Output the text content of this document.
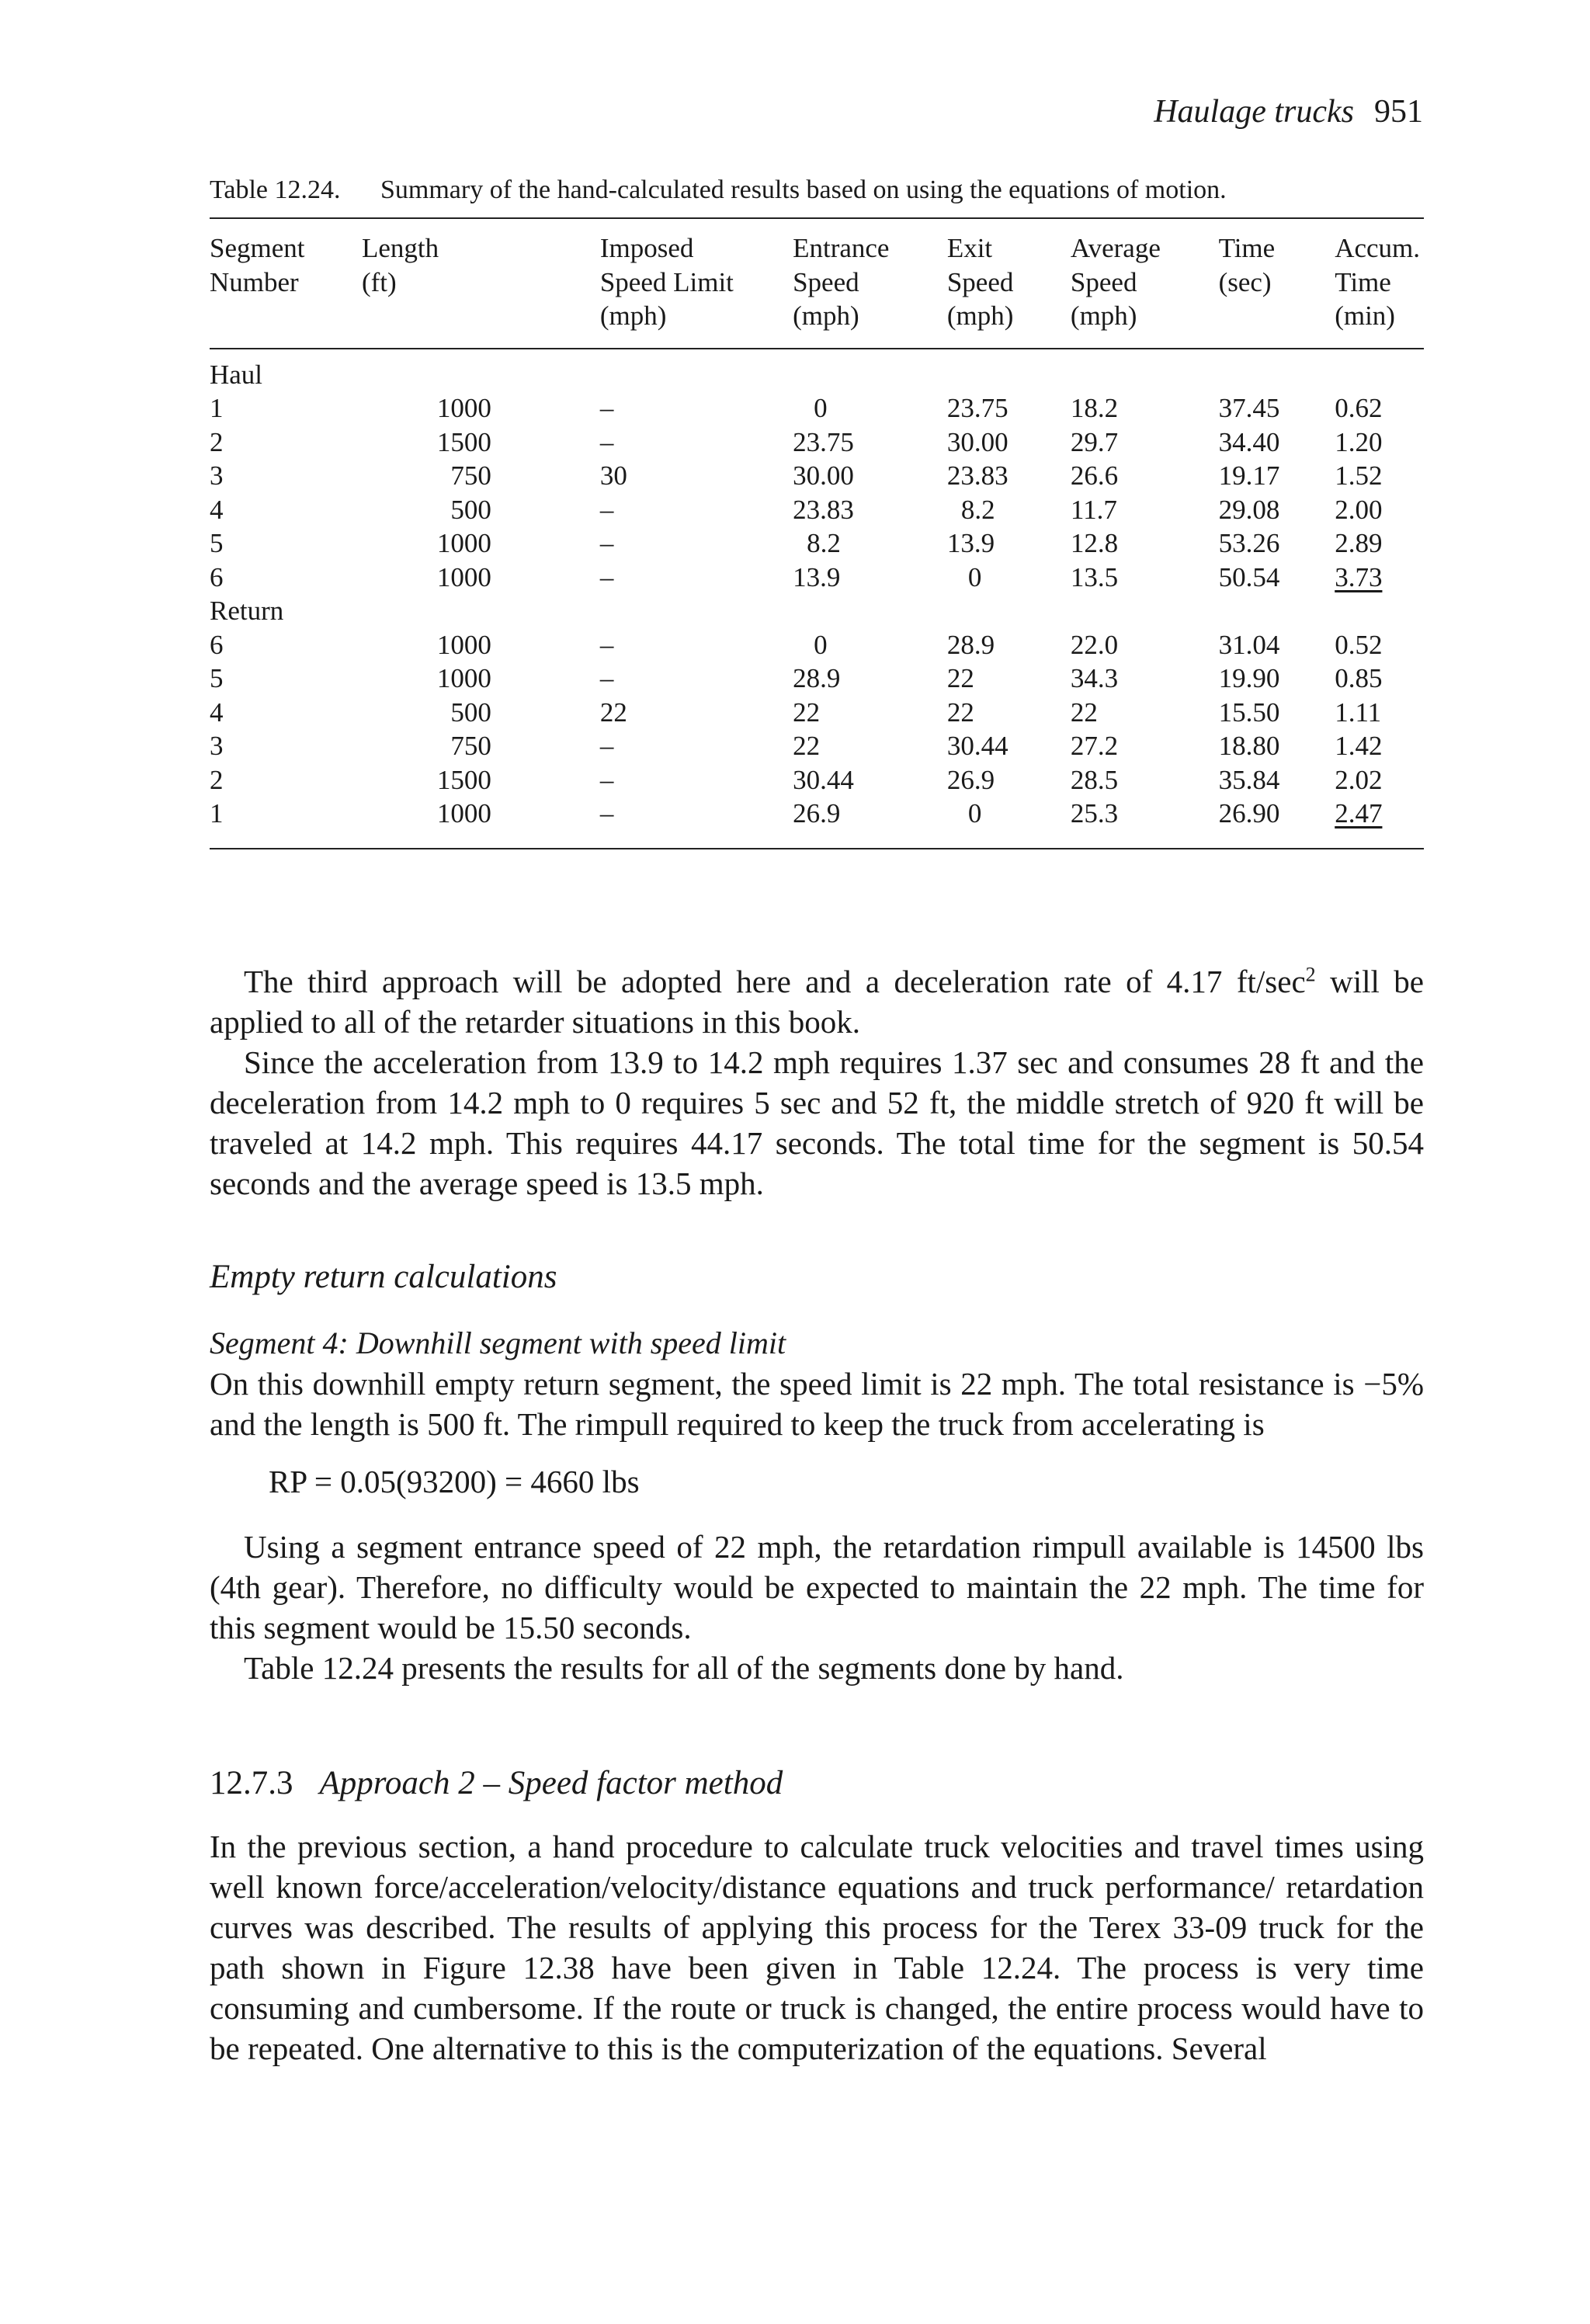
Haulage trucks 951
Table 12.24. Summary of the hand-calculated results based on using the equations of motion.
Segment	Length	Imposed	Entrance	Exit	Average	Time	Accum.
Number	(ft)	Speed Limit	Speed	Speed	Speed	(sec)	Time
		(mph)	(mph)	(mph)	(mph)		(min)

Haul							
1	1000	–	0	23.75	18.2	37.45	0.62
2	1500	–	23.75	30.00	29.7	34.40	1.20
3	750	30	30.00	23.83	26.6	19.17	1.52
4	500	–	23.83	8.2	11.7	29.08	2.00
5	1000	–	8.2	13.9	12.8	53.26	2.89
6	1000	–	13.9	0	13.5	50.54	3.73
Return							
6	1000	–	0	28.9	22.0	31.04	0.52
5	1000	–	28.9	22	34.3	19.90	0.85
4	500	22	22	22	22	15.50	1.11
3	750	–	22	30.44	27.2	18.80	1.42
2	1500	–	30.44	26.9	28.5	35.84	2.02
1	1000	–	26.9	0	25.3	26.90	2.47

The third approach will be adopted here and a deceleration rate of 4.17 $ft/\sec^2$ will be applied to all of the retarder situations in this book.

Since the acceleration from 13.9 to 14.2 mph requires 1.37 sec and consumes 28 ft and the deceleration from 14.2 mph to 0 requires 5 sec and 52 ft, the middle stretch of 920 ft will be traveled at 14.2 mph. This requires 44.17 seconds. The total time for the segment is 50.54 seconds and the average speed is 13.5 mph.

Empty return calculations
Segment 4: Downhill segment with speed limit

On this downhill empty return segment, the speed limit is 22 mph. The total resistance is −5% and the length is 500 ft. The rimpull required to keep the truck from accelerating is

RP = 0.05(93200) = 4660 lbs

Using a segment entrance speed of 22 mph, the retardation rimpull available is 14500 lbs (4th gear). Therefore, no difficulty would be expected to maintain the 22 mph. The time for this segment would be 15.50 seconds.

Table 12.24 presents the results for all of the segments done by hand.

12.7.3 Approach 2 – Speed factor method

In the previous section, a hand procedure to calculate truck velocities and travel times using well known force/acceleration/velocity/distance equations and truck performance/ retardation curves was described. The results of applying this process for the Terex 33-09 truck for the path shown in Figure 12.38 have been given in Table 12.24. The process is very time consuming and cumbersome. If the route or truck is changed, the entire process would have to be repeated. One alternative to this is the computerization of the equations. Several
